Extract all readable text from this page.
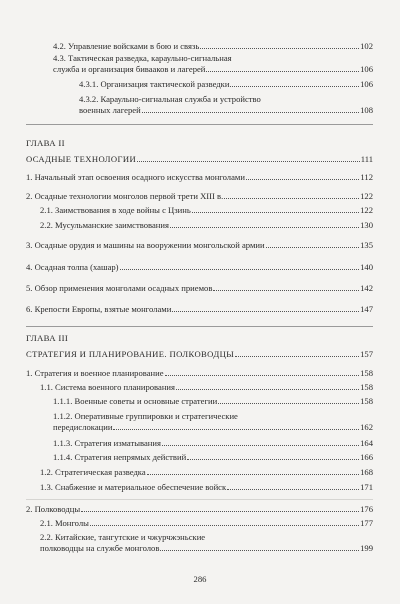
4.2. Управление войсками в бою и связь	102
4.3. Тактическая разведка, караульно-сигнальная
служба и организация бивааков и лагерей	106
4.3.1. Организация тактической разведки	106
4.3.2. Караульно-сигнальная служба и устройство
военных лагерей	108
ГЛАВА II
ОСАДНЫЕ ТЕХНОЛОГИИ	111
1. Начальный этап освоения осадного искусства монголами	112
2. Осадные технологии монголов первой трети XIII в.	122
2.1. Заимствования в ходе войны с Цзинь	122
2.2. Мусульманские заимствования	130
3. Осадные орудия и машины на вооружении монгольской армии	135
4. Осадная толпа (хашар)	140
5. Обзор применения монголами осадных приемов	142
6. Крепости Европы, взятые монголами	147
ГЛАВА III
СТРАТЕГИЯ И ПЛАНИРОВАНИЕ. ПОЛКОВОДЦЫ	157
1. Стратегия и военное планирование	158
1.1. Система военного планирования	158
1.1.1. Военные советы и основные стратегии	158
1.1.2. Оперативные группировки и стратегические
передислокации	162
1.1.3. Стратегия изматывания	164
1.1.4. Стратегия непрямых действий	166
1.2. Стратегическая разведка	168
1.3. Снабжение и материальное обеспечение войск	171
2. Полководцы	176
2.1. Монголы	177
2.2. Китайские, тангутские и чжурчжэньские
полководцы на службе монголов	199
286
